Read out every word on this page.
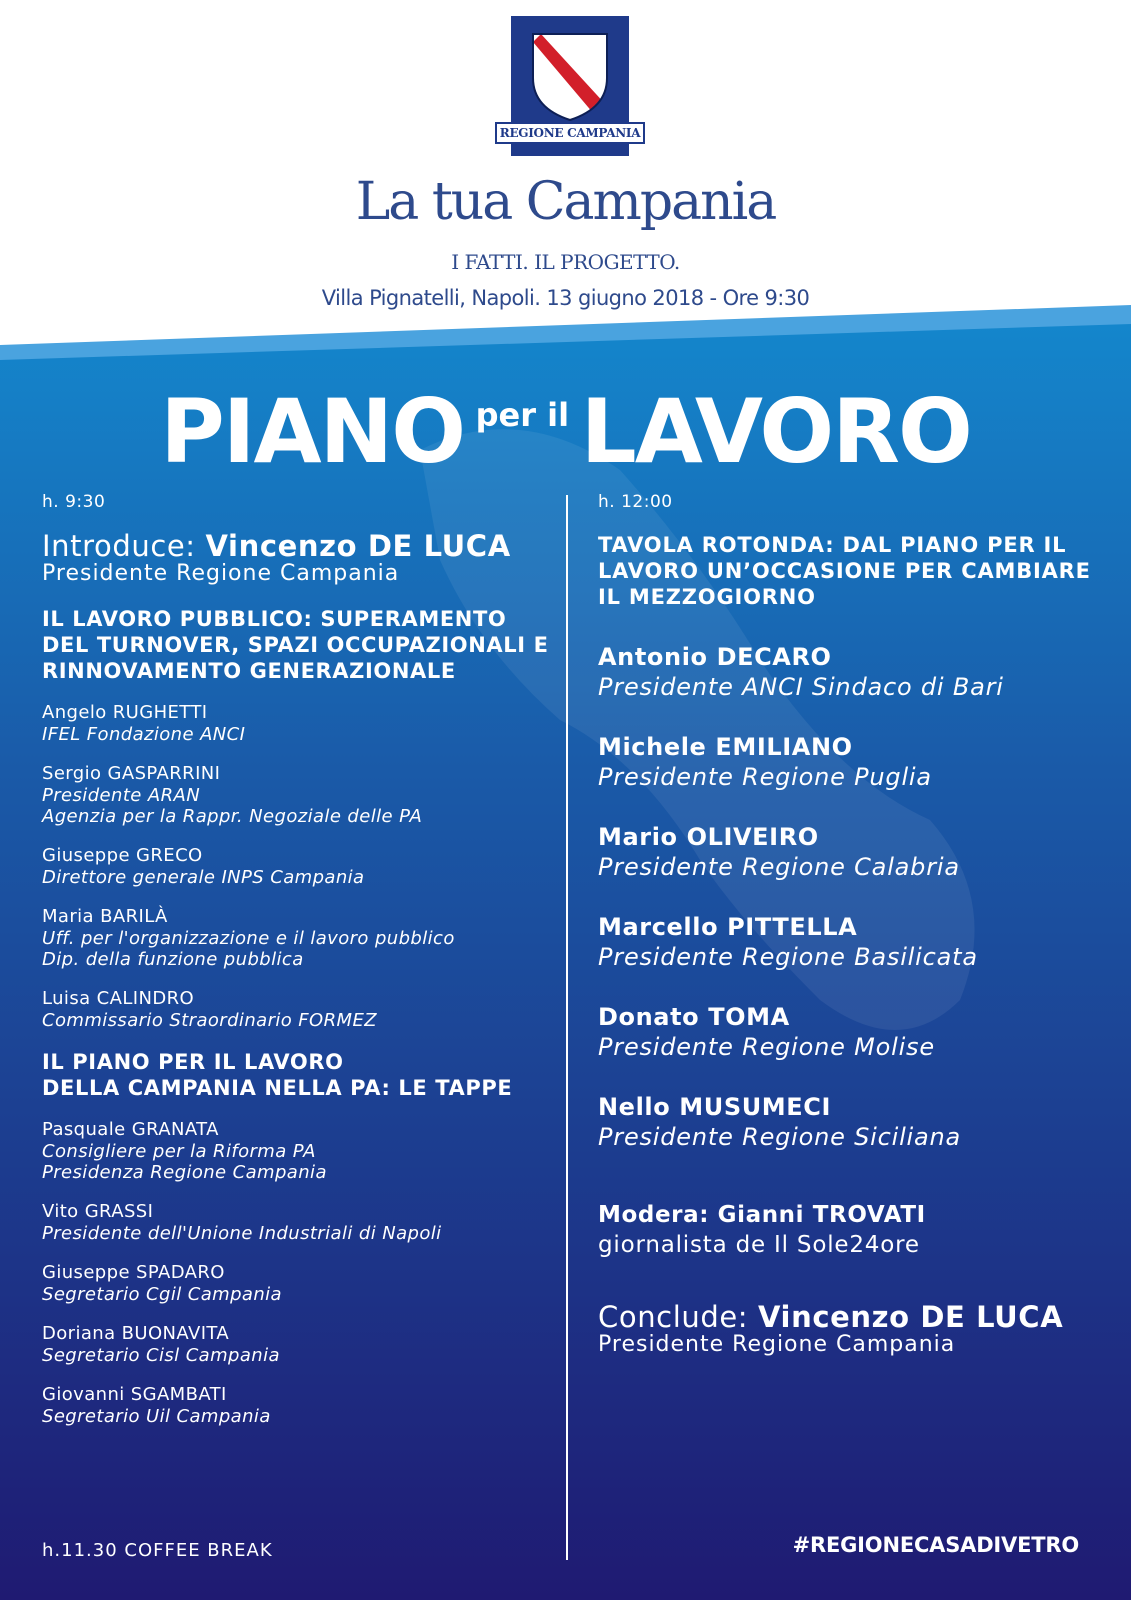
REGIONE CAMPANIA
La tua Campania
I FATTI. IL PROGETTO.
Villa Pignatelli, Napoli. 13 giugno 2018 - Ore 9:30
PIANO per il LAVORO
h. 9:30
Introduce: Vincenzo DE LUCA
Presidente Regione Campania
IL LAVORO PUBBLICO: SUPERAMENTO
DEL TURNOVER, SPAZI OCCUPAZIONALI E
RINNOVAMENTO GENERAZIONALE
Angelo RUGHETTI
IFEL Fondazione ANCI
Sergio GASPARRINI
Presidente ARAN
Agenzia per la Rappr. Negoziale delle PA
Giuseppe GRECO
Direttore generale INPS Campania
Maria BARILÀ
Uff. per l'organizzazione e il lavoro pubblico
Dip. della funzione pubblica
Luisa CALINDRO
Commissario Straordinario FORMEZ
IL PIANO PER IL LAVORO
DELLA CAMPANIA NELLA PA: LE TAPPE
Pasquale GRANATA
Consigliere per la Riforma PA
Presidenza Regione Campania
Vito GRASSI
Presidente dell'Unione Industriali di Napoli
Giuseppe SPADARO
Segretario Cgil Campania
Doriana BUONAVITA
Segretario Cisl Campania
Giovanni SGAMBATI
Segretario Uil Campania
h.11.30 COFFEE BREAK
h. 12:00
TAVOLA ROTONDA: DAL PIANO PER IL
LAVORO UN’OCCASIONE PER CAMBIARE
IL MEZZOGIORNO
Antonio DECARO
Presidente ANCI Sindaco di Bari
Michele EMILIANO
Presidente Regione Puglia
Mario OLIVEIRO
Presidente Regione Calabria
Marcello PITTELLA
Presidente Regione Basilicata
Donato TOMA
Presidente Regione Molise
Nello MUSUMECI
Presidente Regione Siciliana
Modera: Gianni TROVATI
giornalista de Il Sole24ore
Conclude: Vincenzo DE LUCA
Presidente Regione Campania
#REGIONECASADIVETRO
